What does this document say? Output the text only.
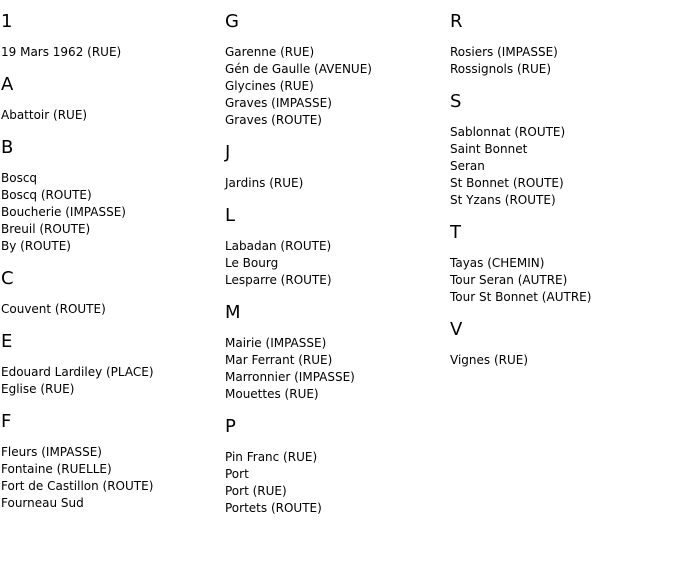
1
19 Mars 1962 (RUE)
A
Abattoir (RUE)
B
Boscq
Boscq (ROUTE)
Boucherie (IMPASSE)
Breuil (ROUTE)
By (ROUTE)
C
Couvent (ROUTE)
E
Edouard Lardiley (PLACE)
Eglise (RUE)
F
Fleurs (IMPASSE)
Fontaine (RUELLE)
Fort de Castillon (ROUTE)
Fourneau Sud
G
Garenne (RUE)
Gén de Gaulle (AVENUE)
Glycines (RUE)
Graves (IMPASSE)
Graves (ROUTE)
J
Jardins (RUE)
L
Labadan (ROUTE)
Le Bourg
Lesparre (ROUTE)
M
Mairie (IMPASSE)
Mar Ferrant (RUE)
Marronnier (IMPASSE)
Mouettes (RUE)
P
Pin Franc (RUE)
Port
Port (RUE)
Portets (ROUTE)
R
Rosiers (IMPASSE)
Rossignols (RUE)
S
Sablonnat (ROUTE)
Saint Bonnet
Seran
St Bonnet (ROUTE)
St Yzans (ROUTE)
T
Tayas (CHEMIN)
Tour Seran (AUTRE)
Tour St Bonnet (AUTRE)
V
Vignes (RUE)
